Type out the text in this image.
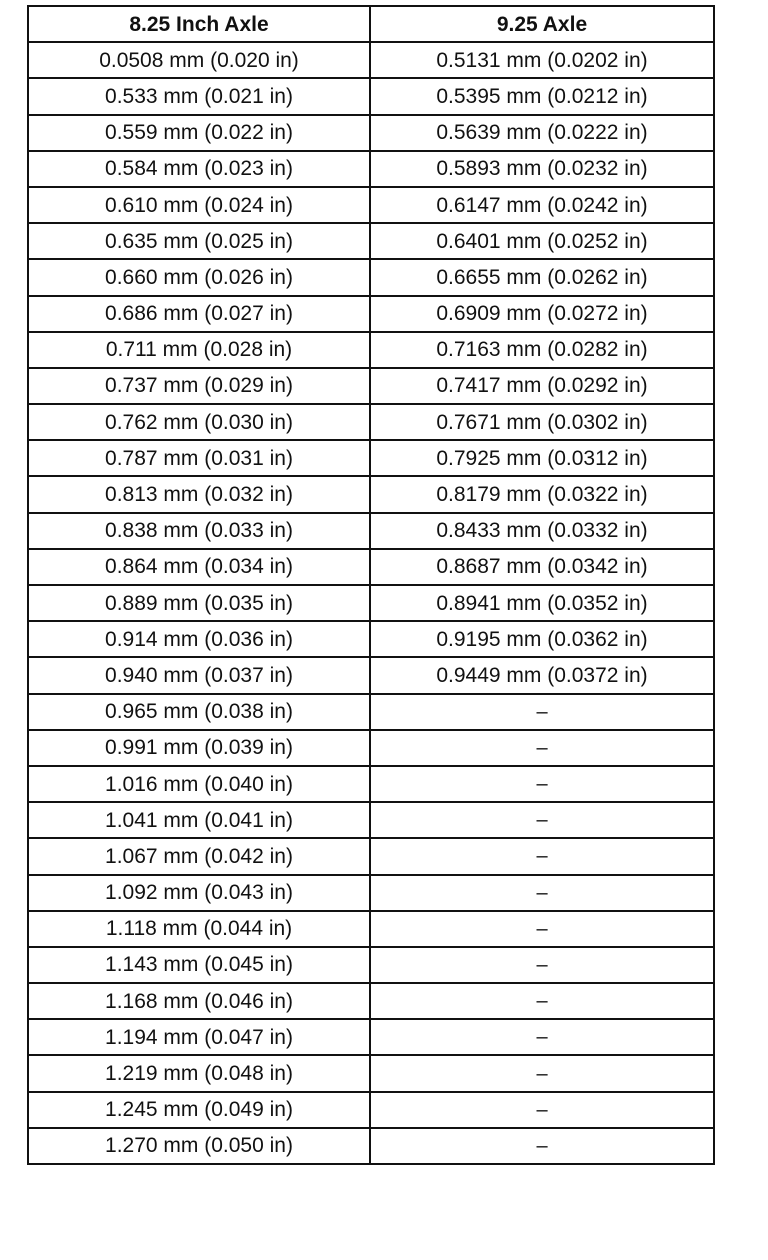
8.25 Inch Axle	9.25 Axle
0.0508 mm (0.020 in)	0.5131 mm (0.0202 in)
0.533 mm (0.021 in)	0.5395 mm (0.0212 in)
0.559 mm (0.022 in)	0.5639 mm (0.0222 in)
0.584 mm (0.023 in)	0.5893 mm (0.0232 in)
0.610 mm (0.024 in)	0.6147 mm (0.0242 in)
0.635 mm (0.025 in)	0.6401 mm (0.0252 in)
0.660 mm (0.026 in)	0.6655 mm (0.0262 in)
0.686 mm (0.027 in)	0.6909 mm (0.0272 in)
0.711 mm (0.028 in)	0.7163 mm (0.0282 in)
0.737 mm (0.029 in)	0.7417 mm (0.0292 in)
0.762 mm (0.030 in)	0.7671 mm (0.0302 in)
0.787 mm (0.031 in)	0.7925 mm (0.0312 in)
0.813 mm (0.032 in)	0.8179 mm (0.0322 in)
0.838 mm (0.033 in)	0.8433 mm (0.0332 in)
0.864 mm (0.034 in)	0.8687 mm (0.0342 in)
0.889 mm (0.035 in)	0.8941 mm (0.0352 in)
0.914 mm (0.036 in)	0.9195 mm (0.0362 in)
0.940 mm (0.037 in)	0.9449 mm (0.0372 in)
0.965 mm (0.038 in)	–
0.991 mm (0.039 in)	–
1.016 mm (0.040 in)	–
1.041 mm (0.041 in)	–
1.067 mm (0.042 in)	–
1.092 mm (0.043 in)	–
1.118 mm (0.044 in)	–
1.143 mm (0.045 in)	–
1.168 mm (0.046 in)	–
1.194 mm (0.047 in)	–
1.219 mm (0.048 in)	–
1.245 mm (0.049 in)	–
1.270 mm (0.050 in)	–
